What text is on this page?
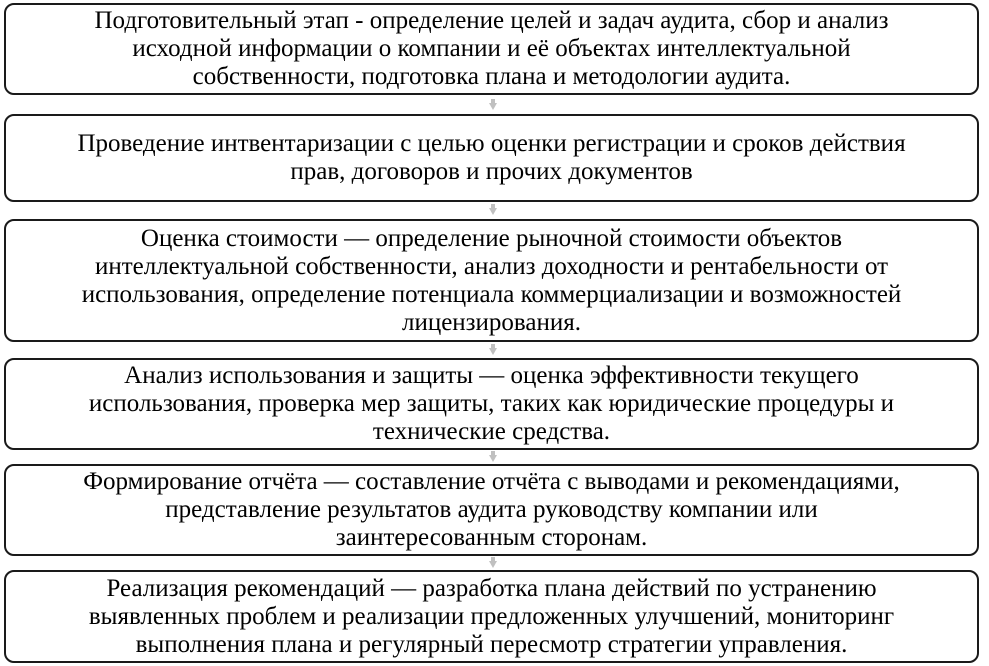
Подготовительный этап - определение целей и задач аудита, сбор и анализ
исходной информации о компании и её объектах интеллектуальной
собственности, подготовка плана и методологии аудита.
Проведение интвентаризации с целью оценки регистрации и сроков действия
прав, договоров и прочих документов
Оценка стоимости — определение рыночной стоимости объектов
интеллектуальной собственности, анализ доходности и рентабельности от
использования, определение потенциала коммерциализации и возможностей
лицензирования.
Анализ использования и защиты — оценка эффективности текущего
использования, проверка мер защиты, таких как юридические процедуры и
технические средства.
Формирование отчёта — составление отчёта с выводами и рекомендациями,
представление результатов аудита руководству компании или
заинтересованным сторонам.
Реализация рекомендаций — разработка плана действий по устранению
выявленных проблем и реализации предложенных улучшений, мониторинг
выполнения плана и регулярный пересмотр стратегии управления.
